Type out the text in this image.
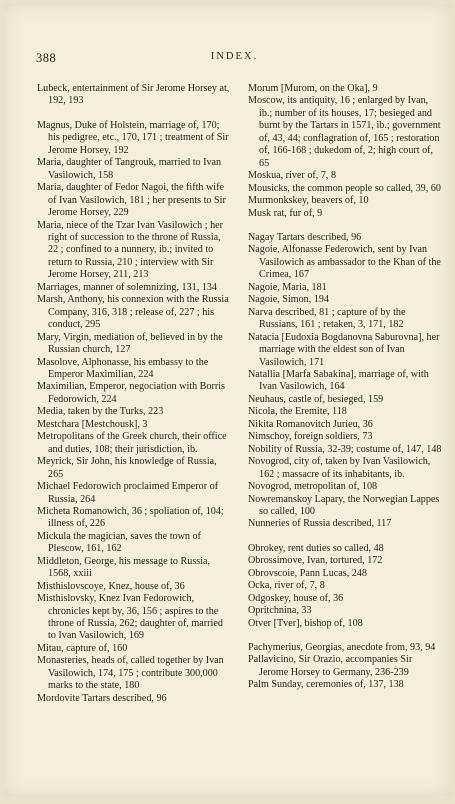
388	INDEX.

Lubeck, entertainment of Sir Jerome Horsey at, 192, 193

Magnus, Duke of Holstein, marriage of, 170; his pedigree, etc., 170, 171 ; treatment of Sir Jerome Horsey, 192

Maria, daughter of Tangrouk, married to Ivan Vasilowich, 158

Maria, daughter of Fedor Nagoi, the fifth wife of Ivan Vasilowich, 181 ; her presents to Sir Jerome Horsey, 229

Maria, niece of the Tzar Ivan Vasilowich ; her right of succession to the throne of Russia, 22 ; confined to a nunnery, ib.; invited to return to Russia, 210 ; interview with Sir Jerome Horsey, 211, 213

Marriages, manner of solemnizing, 131, 134

Marsh, Anthony, his connexion with the Russia Company, 316, 318 ; release of, 227 ; his conduct, 295

Mary, Virgin, mediation of, believed in by the Russian church, 127

Masolove, Alphonasse, his embassy to the Emperor Maximilian, 224

Maximilian, Emperor, negociation with Borris Fedorowich, 224

Media, taken by the Turks, 223

Mestchara [Mestchousk], 3

Metropolitans of the Greek church, their office and duties, 108; their jurisdiction, ib.

Meyrick, Sir John, his knowledge of Russia, 265

Michael Fedorowich proclaimed Emperor of Russia, 264

Micheta Romanowich, 36 ; spoliation of, 104; illness of, 226

Mickula the magician, saves the town of Plescow, 161, 162

Middleton, George, his message to Russia, 1568, xxiii

Misthislovscoye, Knez, house of, 36

Misthislovsky, Knez Ivan Fedorowich, chronicles kept by, 36, 156 ; aspires to the throne of Russia, 262; daughter of, married to Ivan Vasilowich, 169

Mitau, capture of, 160

Monasteries, heads of, called together by Ivan Vasilowich, 174, 175 ; contribute 300,000 marks to the state, 180

Mordovite Tartars described, 96

Morum [Murom, on the Oka], 9

Moscow, its antiquity, 16 ; enlarged by Ivan, ib.; number of its houses, 17; besieged and burnt by the Tartars in 1571, ib.; government of, 43, 44; conflagration of, 165 ; restoration of, 166-168 ; dukedom of, 2; high court of, 65

Moskua, river of, 7, 8

Mousicks, the common people so called, 39, 60

Murmonkskey, beavers of, 10

Musk rat, fur of, 9

Nagay Tartars described, 96

Nagoie, Alfonasse Federowich, sent by Ivan Vasilowich as ambassador to the Khan of the Crimea, 167

Nagoie, Maria, 181

Nagoie, Simon, 194

Narva described, 81 ; capture of by the Russians, 161 ; retaken, 3, 171, 182

Natacia [Eudoxia Bogdanovna Saburovna], her marriage with the eldest son of Ivan Vasilowich, 171

Natallia [Marfa Sabakina], marriage of, with Ivan Vasilowich, 164

Neuhaus, castle of, besieged, 159

Nicola, the Eremite, 118

Nikita Romanovitch Jurieu, 36

Nimschoy, foreign soldiers, 73

Nobility of Russia, 32-39; costume of, 147, 148

Novogrod, city of, taken by Ivan Vasilowich, 162 ; massacre of its inhabitants, ib.

Novogrod, metropolitan of, 108

Nowremanskoy Lapary, the Norwegian Lappes so called, 100

Nunneries of Russia described, 117

Obrokey, rent duties so called, 48

Obrossimove, Ivan, tortured, 172

Obrovscoie, Pann Lucas, 248

Ocka, river of, 7, 8

Odgoskey, house of, 36

Opritchnina, 33

Otver [Tver], bishop of, 108

Pachymerius, Georgias, anecdote from, 93, 94

Pallavicino, Sir Orazio, accompanies Sir Jerome Horsey to Germany, 236-239

Palm Sunday, ceremonies of, 137, 138
